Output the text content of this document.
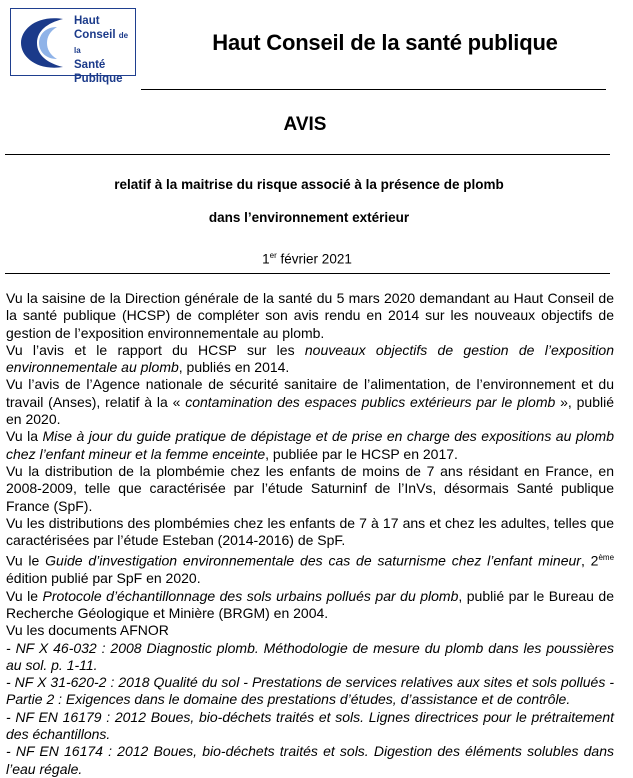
Haut
Conseil de la
Santé
Publique
Haut Conseil de la santé publique
AVIS
relatif à la maitrise du risque associé à la présence de plomb
dans l’environnement extérieur
1er février 2021

Vu la saisine de la Direction générale de la santé du 5 mars 2020 demandant au Haut Conseil de la santé publique (HCSP) de compléter son avis rendu en 2014 sur les nouveaux objectifs de gestion de l’exposition environnementale au plomb.

Vu l’avis et le rapport du HCSP sur les nouveaux objectifs de gestion de l’exposition environnementale au plomb, publiés en 2014.

Vu l’avis de l’Agence nationale de sécurité sanitaire de l’alimentation, de l’environnement et du travail (Anses), relatif à la « contamination des espaces publics extérieurs par le plomb », publié en 2020.

Vu la Mise à jour du guide pratique de dépistage et de prise en charge des expositions au plomb chez l’enfant mineur et la femme enceinte, publiée par le HCSP en 2017.

Vu la distribution de la plombémie chez les enfants de moins de 7 ans résidant en France, en 2008-2009, telle que caractérisée par l’étude Saturninf de l’InVs, désormais Santé publique France (SpF).

Vu les distributions des plombémies chez les enfants de 7 à 17 ans et chez les adultes, telles que caractérisées par l’étude Esteban (2014-2016) de SpF.

Vu le Guide d’investigation environnementale des cas de saturnisme chez l’enfant mineur, 2ème édition publié par SpF en 2020.

Vu le Protocole d’échantillonnage des sols urbains pollués par du plomb, publié par le Bureau de Recherche Géologique et Minière (BRGM) en 2004.

Vu les documents AFNOR

- NF X 46-032 : 2008 Diagnostic plomb. Méthodologie de mesure du plomb dans les poussières au sol. p. 1-11.

- NF X 31-620-2 : 2018 Qualité du sol - Prestations de services relatives aux sites et sols pollués - Partie 2 : Exigences dans le domaine des prestations d’études, d’assistance et de contrôle.

- NF EN 16179 : 2012 Boues, bio-déchets traités et sols. Lignes directrices pour le prétraitement des échantillons.

- NF EN 16174 : 2012 Boues, bio-déchets traités et sols. Digestion des éléments solubles dans l’eau régale.
